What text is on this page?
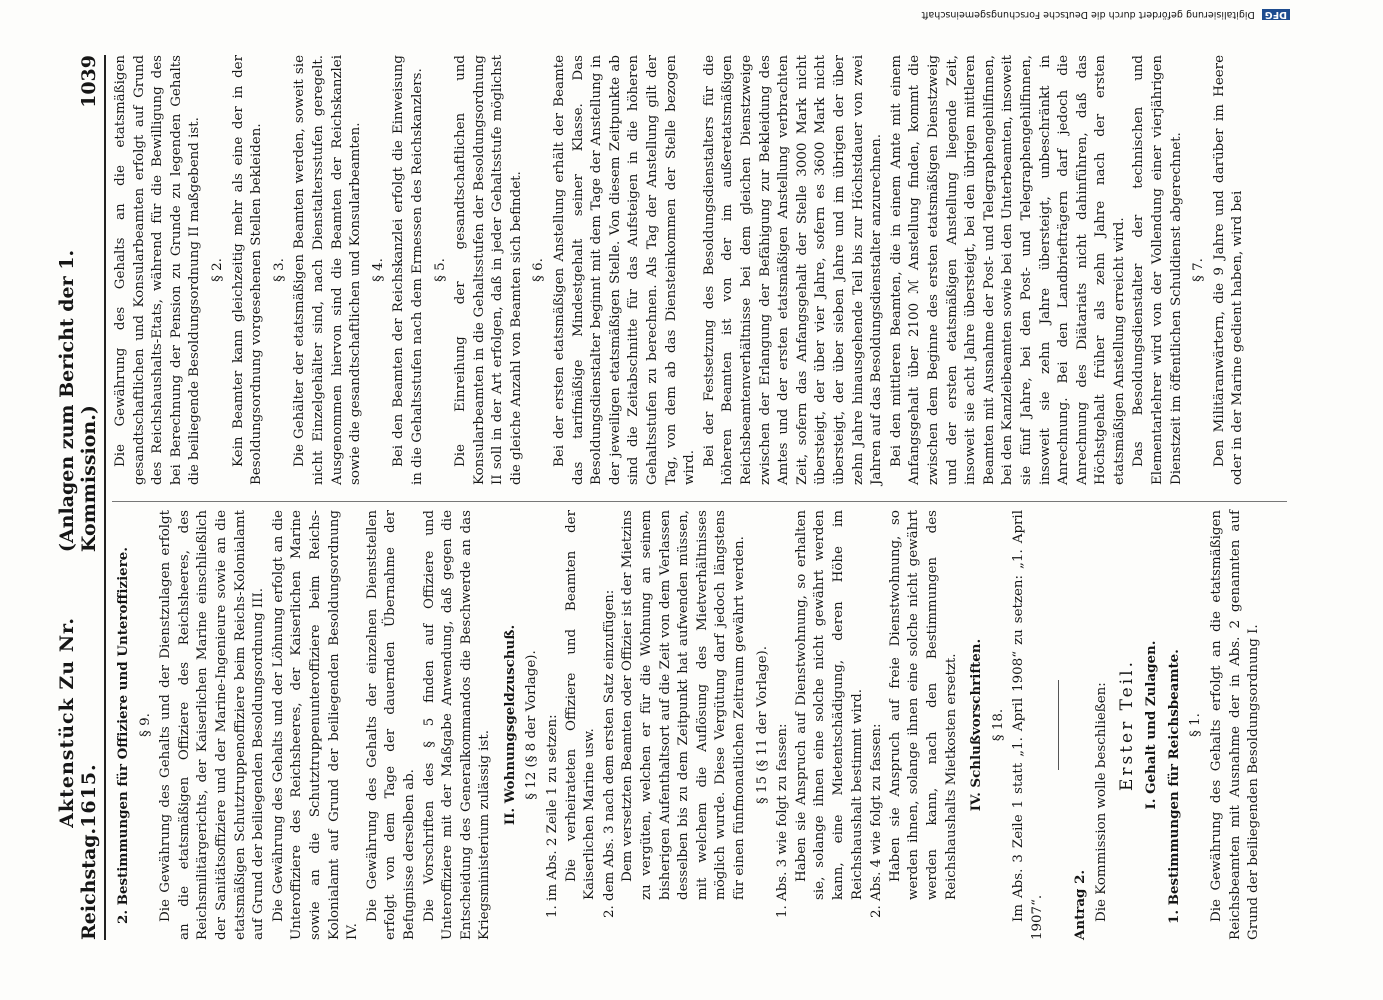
Reichstag.
Aktenstück Zu Nr. 1615.
(Anlagen zum Bericht der 1. Kommission.)
1039
2. Bestimmungen für Offiziere und Unteroffiziere. § 9. Die Gewährung des Gehalts und der Dienstzulagen erfolgt an die etatsmäßigen Offiziere des Reichsheeres, des Reichsmilitärgerichts, der Kaiserlichen Marine einschließlich der Sanitätsoffiziere und der Marine-Ingenieure sowie an die etatsmäßigen Schutztruppenoffiziere beim Reichs-Kolonialamt auf Grund der beiliegenden Besoldungsordnung III. Die Gewährung des Gehalts und der Löhnung erfolgt an die Unteroffiziere des Reichsheeres, der Kaiserlichen Marine sowie an die Schutztruppenunteroffiziere beim Reichs-Kolonialamt auf Grund der beiliegenden Besoldungsordnung IV.
Die Gewährung des Gehalts der einzelnen Dienststellen erfolgt von dem Tage der dauernden Übernahme der Befugnisse derselben ab. Die Vorschriften des § 5 finden auf Offiziere und Unteroffiziere mit der Maßgabe Anwendung, daß gegen die Entscheidung des Generalkommandos die Beschwerde an das Kriegsministerium zulässig ist.
II. Wohnungsgeldzuschuß. § 12 (§ 8 der Vorlage). 1. im Abs. 2 Zeile 1 zu setzen: Die verheirateten Offiziere und Beamten der Kaiserlichen Marine usw. 2. dem Abs. 3 nach dem ersten Satz einzufügen: Dem versetzten Beamten oder Offizier ist der Mietzins zu vergüten, welchen er für die Wohnung an seinem bisherigen Aufenthaltsort auf die Zeit von dem Verlassen desselben bis zu dem Zeitpunkt hat aufwenden müssen, mit welchem die Auflösung des Mietverhältnisses möglich wurde. Diese Vergütung darf jedoch längstens für einen fünfmonatlichen Zeitraum gewährt werden. § 15 (§ 11 der Vorlage). 1. Abs. 3 wie folgt zu fassen: Haben sie Anspruch auf Dienstwohnung, so erhalten sie, solange ihnen eine solche nicht gewährt werden kann, eine Mietentschädigung, deren Höhe im Reichshaushalt bestimmt wird. 2. Abs. 4 wie folgt zu fassen: Haben sie Anspruch auf freie Dienstwohnung, so werden ihnen, solange ihnen eine solche nicht gewährt werden kann, nach den Bestimmungen des Reichshaushalts Mietkosten ersetzt. IV. Schlußvorschriften. § 18. Im Abs. 3 Zeile 1 statt „1. April 1908“ zu setzen: „1. April 1907“. Antrag 2. Die Kommission wolle beschließen: Erster Teil. I. Gehalt und Zulagen. 1. Bestimmungen für Reichsbeamte. § 1. Die Gewährung des Gehalts erfolgt an die etatsmäßigen Reichsbeamten mit Ausnahme der in Abs. 2 genannten auf Grund der beiliegenden Besoldungsordnung I.
Die Gewährung des Gehalts an die etatsmäßigen gesandtschaftlichen und Konsularbeamten erfolgt auf Grund des Reichshaushalts-Etats, während für die Bewilligung des bei Berechnung der Pension zu Grunde zu legenden Gehalts die beiliegende Besoldungsordnung II maßgebend ist. § 2. Kein Beamter kann gleichzeitig mehr als eine der in der Besoldungsordnung vorgesehenen Stellen bekleiden. § 3. Die Gehälter der etatsmäßigen Beamten werden, soweit sie nicht Einzelgehälter sind, nach Dienstaltersstufen geregelt. Ausgenommen hiervon sind die Beamten der Reichskanzlei sowie die gesandtschaftlichen und Konsularbeamten. § 4. Bei den Beamten der Reichskanzlei erfolgt die Einweisung in die Gehaltsstufen nach dem Ermessen des Reichskanzlers. § 5. Die Einreihung der gesandtschaftlichen und Konsularbeamten in die Gehaltsstufen der Besoldungsordnung II soll in der Art erfolgen, daß in jeder Gehaltsstufe möglichst die gleiche Anzahl von Beamten sich befindet. § 6. Bei der ersten etatsmäßigen Anstellung erhält der Beamte das tarifmäßige Mindestgehalt seiner Klasse. Das Besoldungsdienstalter beginnt mit dem Tage der Anstellung in der jeweiligen etatsmäßigen Stelle. Von diesem Zeitpunkte ab sind die Zeitabschnitte für das Aufsteigen in die höheren Gehaltsstufen zu berechnen. Als Tag der Anstellung gilt der Tag, von dem ab das Diensteinkommen der Stelle bezogen wird.
Bei der Festsetzung des Besoldungsdienstalters für die höheren Beamten ist von der im außeretatsmäßigen Reichsbeamtenverhältnisse bei dem gleichen Dienstzweige zwischen der Erlangung der Befähigung zur Bekleidung des Amtes und der ersten etatsmäßigen Anstellung verbrachten Zeit, sofern das Anfangsgehalt der Stelle 3000 Mark nicht übersteigt, der über vier Jahre, sofern es 3600 Mark nicht übersteigt, der über sieben Jahre und im übrigen der über zehn Jahre hinausgehende Teil bis zur Höchstdauer von zwei Jahren auf das Besoldungsdienstalter anzurechnen. Bei den mittleren Beamten, die in einem Amte mit einem Anfangsgehalt über 2100 ℳ Anstellung finden, kommt die zwischen dem Beginne des ersten etatsmäßigen Dienstzweig und der ersten etatsmäßigen Anstellung liegende Zeit, insoweit sie acht Jahre übersteigt, bei den übrigen mittleren Beamten mit Ausnahme der Post- und Telegraphengehilfinnen, bei den Kanzleibeamten sowie bei den Unterbeamten, insoweit sie fünf Jahre, bei den Post- und Telegraphengehilfinnen, insoweit sie zehn Jahre übersteigt, unbeschränkt in Anrechnung. Bei den Landbriefträgern darf jedoch die Anrechnung des Diätariats nicht dahinführen, daß das Höchstgehalt früher als zehn Jahre nach der ersten etatsmäßigen Anstellung erreicht wird. Das Besoldungsdienstalter der technischen und Elementarlehrer wird von der Vollendung einer vierjährigen Dienstzeit im öffentlichen Schuldienst abgerechnet. § 7. Den Militäranwärtern, die 9 Jahre und darüber im Heere oder in der Marine gedient haben, wird bei
DFG Digitalisierung gefördert durch die Deutsche Forschungsgemeinschaft
